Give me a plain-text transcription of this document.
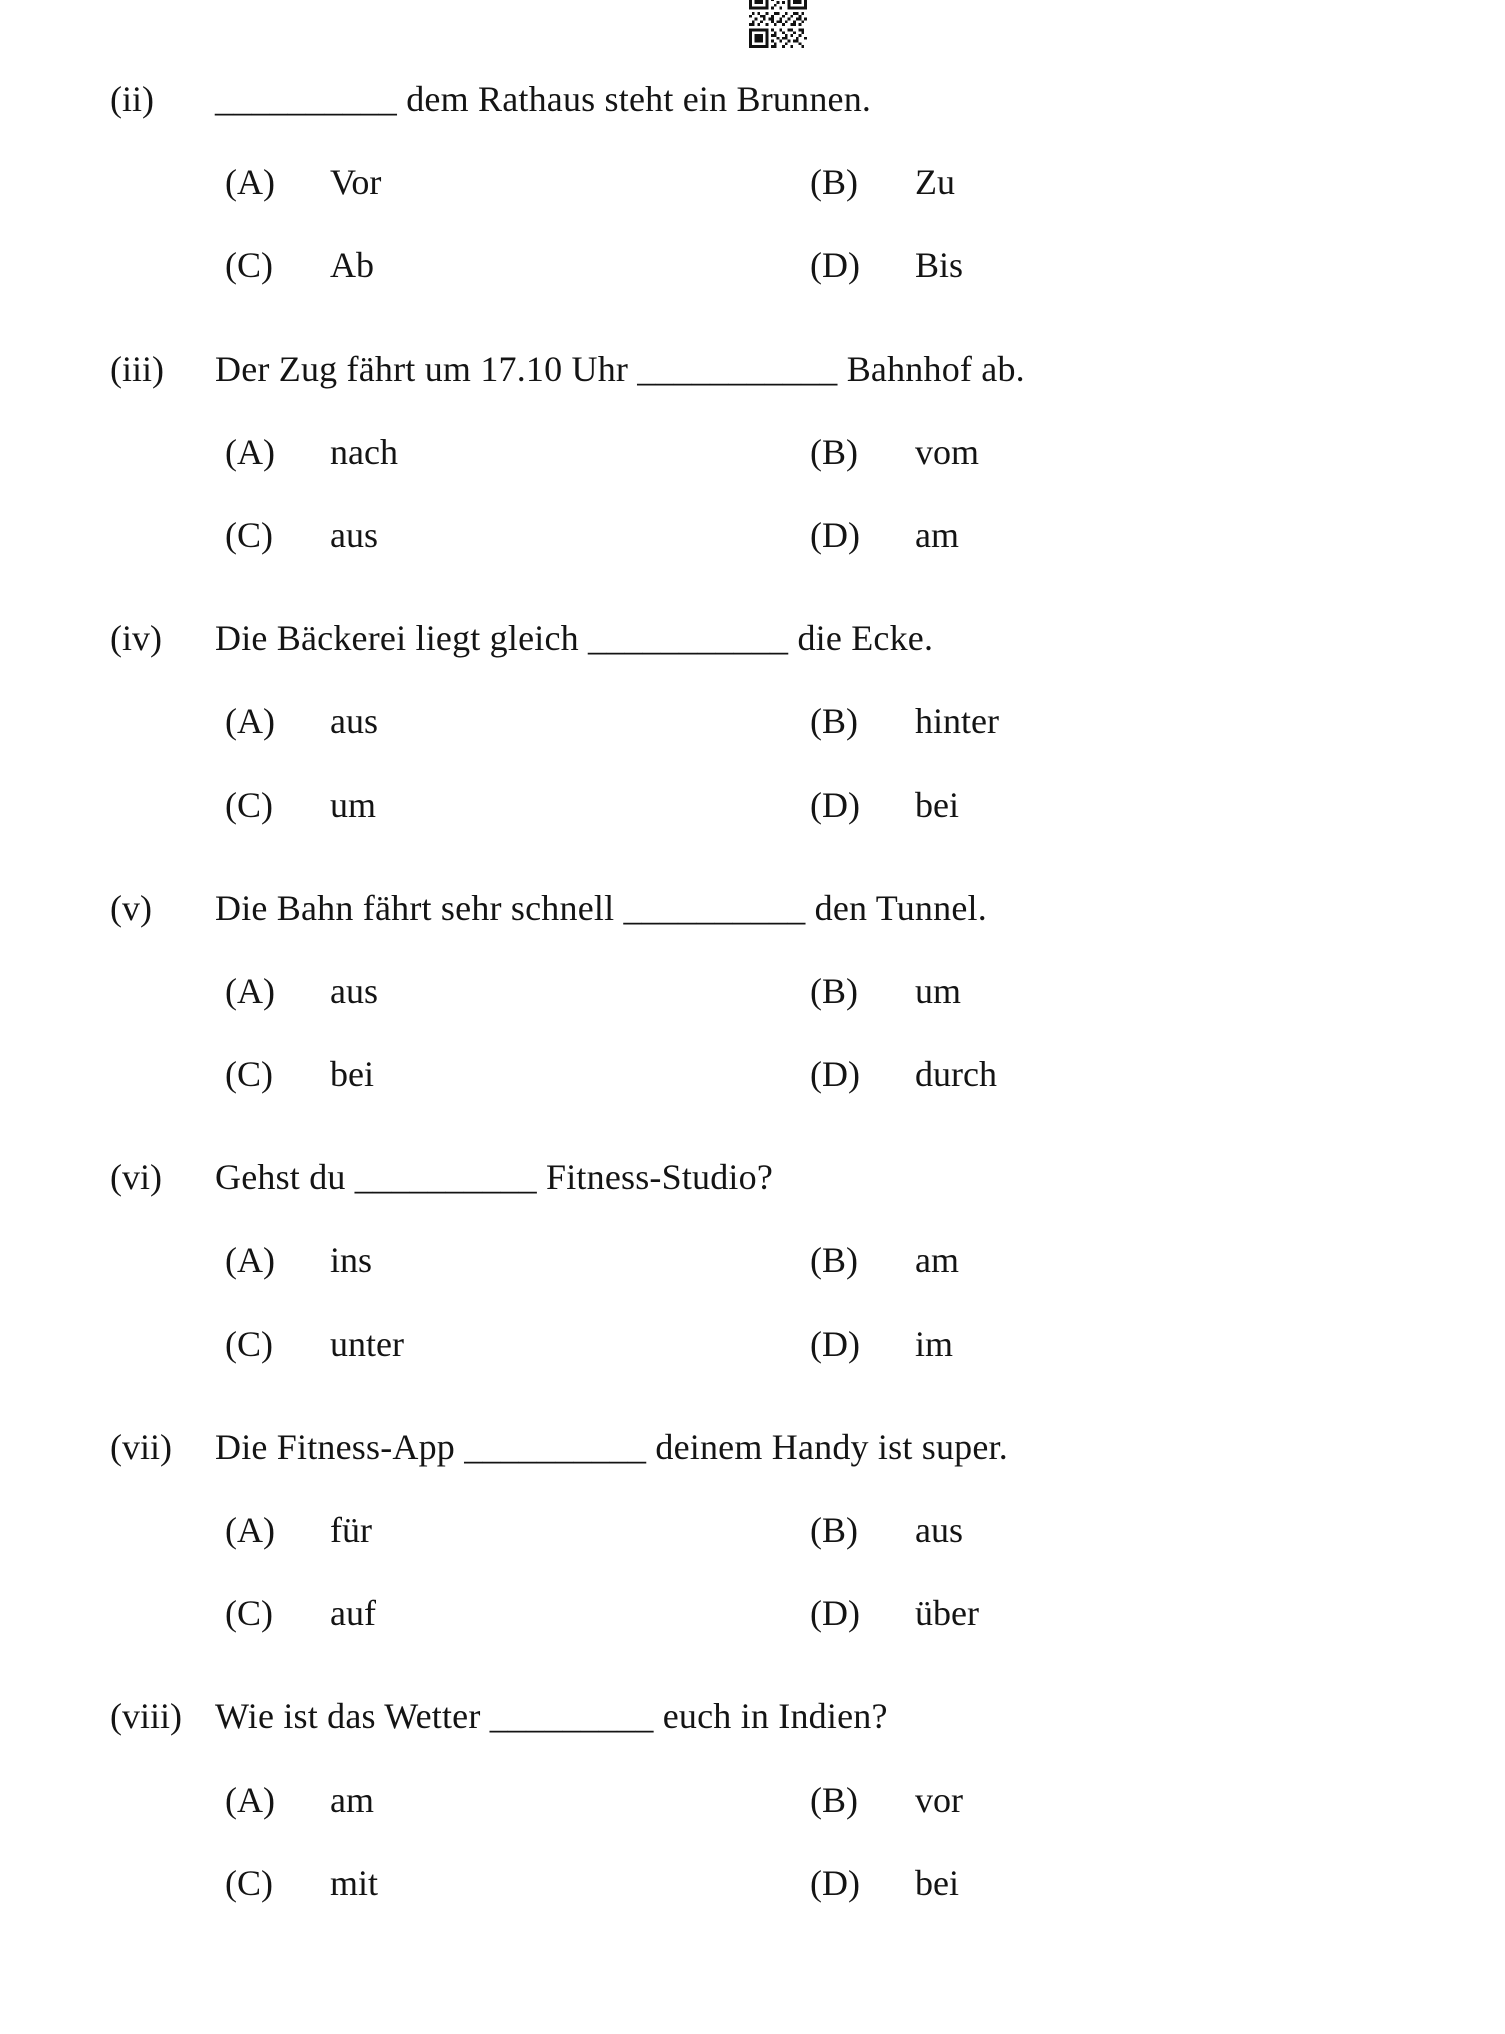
(ii)	__________ dem Rathaus steht ein Brunnen.
(A)	Vor	(B)	Zu
(C)	Ab	(D)	Bis
(iii)	Der Zug fährt um 17.10 Uhr ___________ Bahnhof ab.
(A)	nach	(B)	vom
(C)	aus	(D)	am
(iv)	Die Bäckerei liegt gleich ___________ die Ecke.
(A)	aus	(B)	hinter
(C)	um	(D)	bei
(v)	Die Bahn fährt sehr schnell __________ den Tunnel.
(A)	aus	(B)	um
(C)	bei	(D)	durch
(vi)	Gehst du __________ Fitness-Studio?
(A)	ins	(B)	am
(C)	unter	(D)	im
(vii)	Die Fitness-App __________ deinem Handy ist super.
(A)	für	(B)	aus
(C)	auf	(D)	über
(viii) Wie ist das Wetter _________ euch in Indien?
(A)	am	(B)	vor
(C)	mit	(D)	bei
